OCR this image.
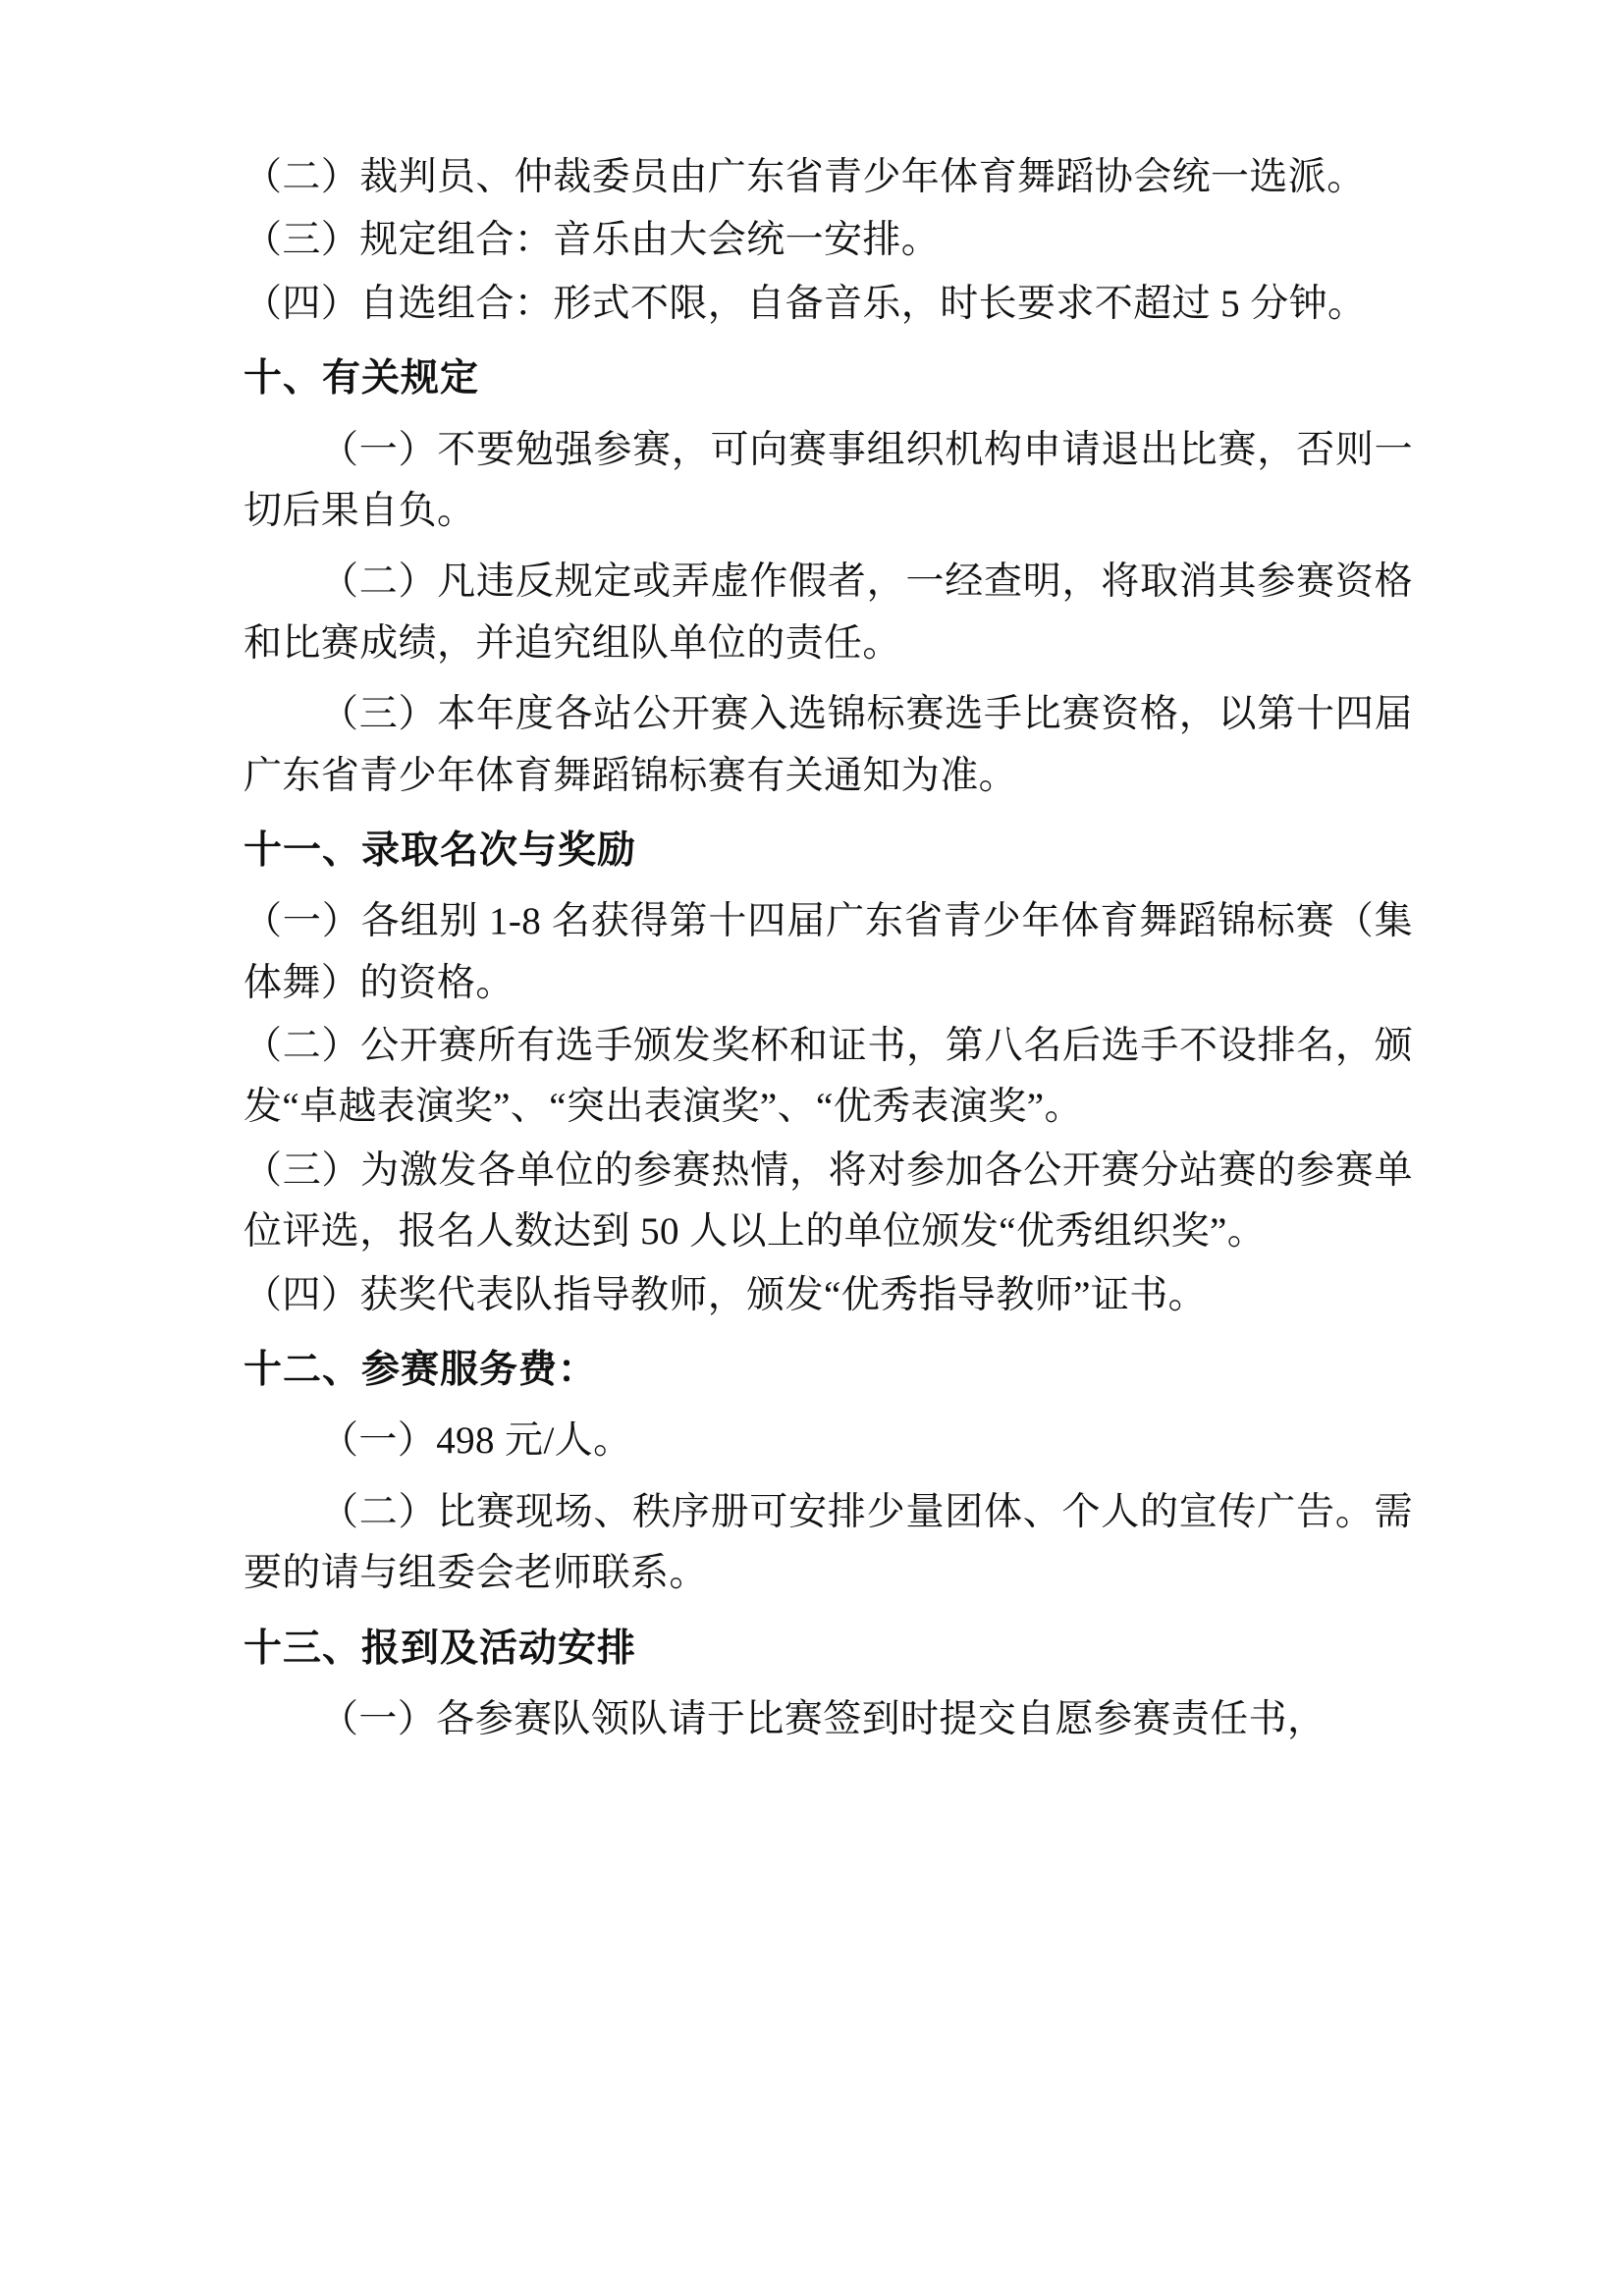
（二）裁判员、仲裁委员由广东省青少年体育舞蹈协会统一选派。

（三）规定组合：音乐由大会统一安排。

（四）自选组合：形式不限，自备音乐，时长要求不超过 5 分钟。

十、有关规定

（一）不要勉强参赛，可向赛事组织机构申请退出比赛，否则一切后果自负。

（二）凡违反规定或弄虚作假者，一经查明，将取消其参赛资格和比赛成绩，并追究组队单位的责任。

（三）本年度各站公开赛入选锦标赛选手比赛资格，以第十四届广东省青少年体育舞蹈锦标赛有关通知为准。

十一、录取名次与奖励

（一）各组别 1-8 名获得第十四届广东省青少年体育舞蹈锦标赛（集体舞）的资格。

（二）公开赛所有选手颁发奖杯和证书，第八名后选手不设排名，颁发“卓越表演奖”、“突出表演奖”、“优秀表演奖”。

（三）为激发各单位的参赛热情，将对参加各公开赛分站赛的参赛单位评选，报名人数达到 50 人以上的单位颁发“优秀组织奖”。

（四）获奖代表队指导教师，颁发“优秀指导教师”证书。

十二、参赛服务费：

（一）498 元/人。

（二）比赛现场、秩序册可安排少量团体、个人的宣传广告。需要的请与组委会老师联系。

十三、报到及活动安排

（一）各参赛队领队请于比赛签到时提交自愿参赛责任书，
